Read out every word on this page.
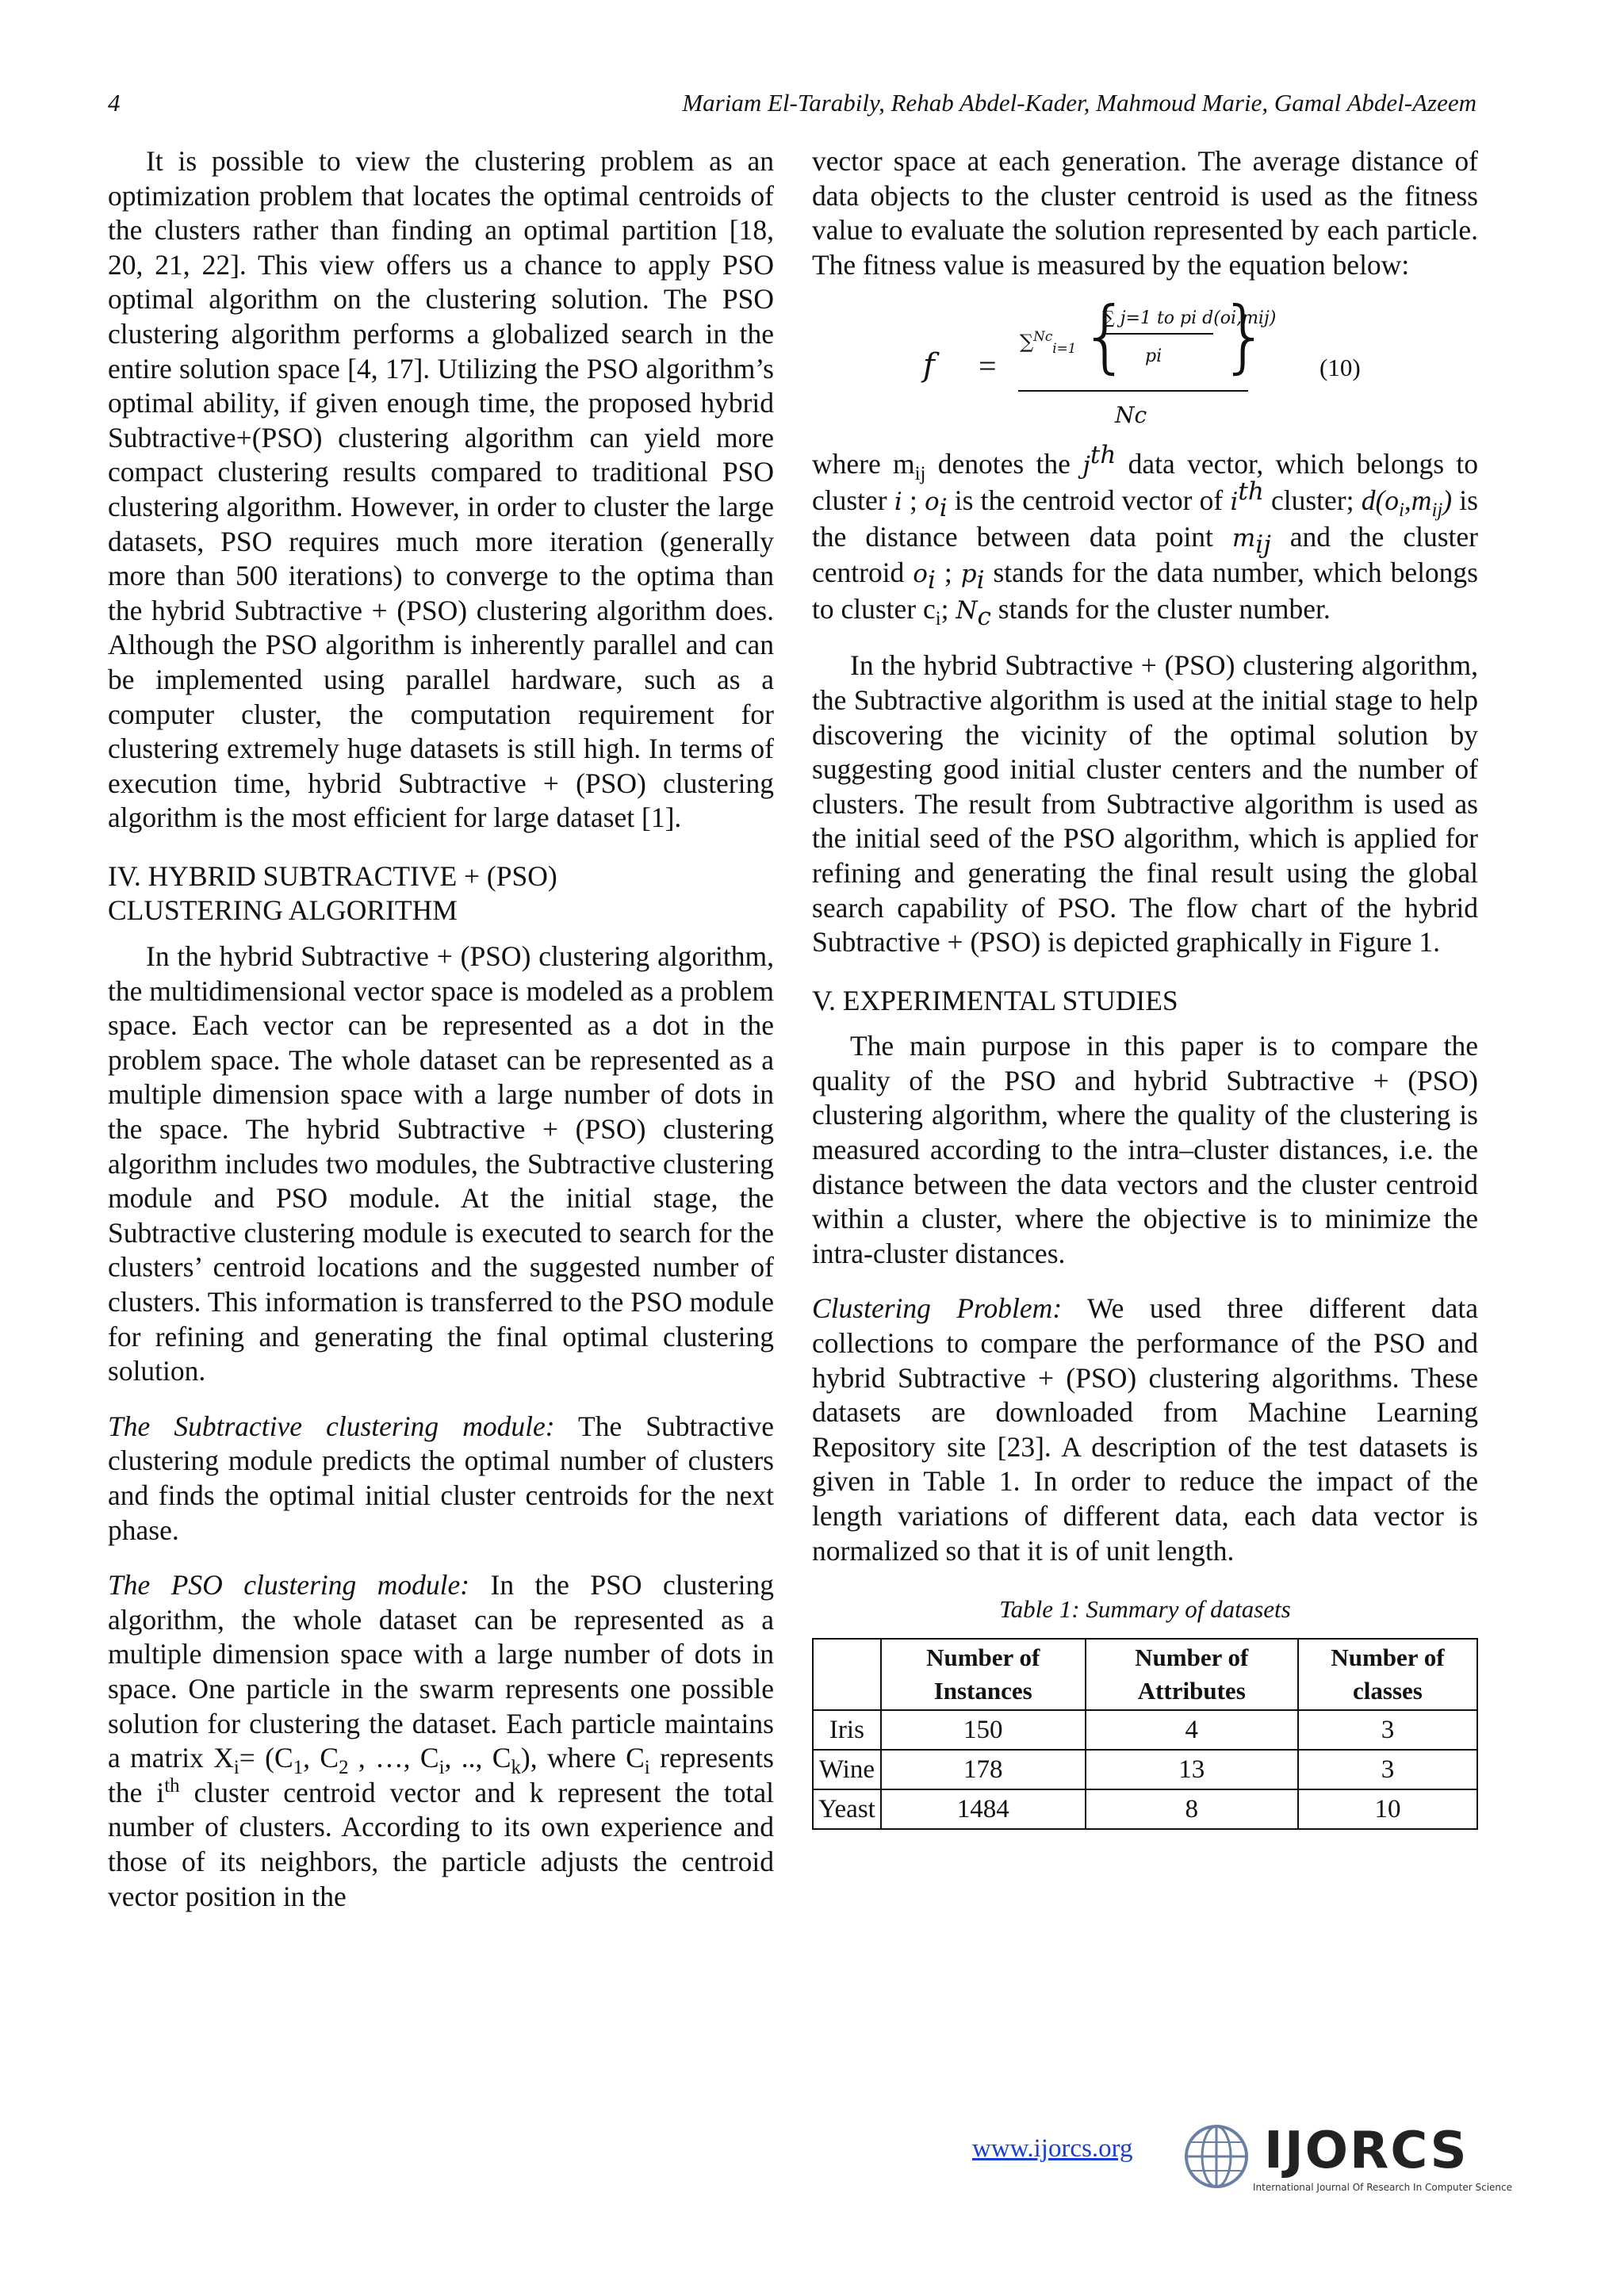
4	Mariam El-Tarabily, Rehab Abdel-Kader, Mahmoud Marie, Gamal Abdel-Azeem

It is possible to view the clustering problem as an optimization problem that locates the optimal centroids of the clusters rather than finding an optimal partition [18, 20, 21, 22]. This view offers us a chance to apply PSO optimal algorithm on the clustering solution. The PSO clustering algorithm performs a globalized search in the entire solution space [4, 17]. Utilizing the PSO algorithm’s optimal ability, if given enough time, the proposed hybrid Subtractive+(PSO) clustering algorithm can yield more compact clustering results compared to traditional PSO clustering algorithm. However, in order to cluster the large datasets, PSO requires much more iteration (generally more than 500 iterations) to converge to the optima than the hybrid Subtractive + (PSO) clustering algorithm does. Although the PSO algorithm is inherently parallel and can be implemented using parallel hardware, such as a computer cluster, the computation requirement for clustering extremely huge datasets is still high. In terms of execution time, hybrid Subtractive + (PSO) clustering algorithm is the most efficient for large dataset [1].

IV. HYBRID SUBTRACTIVE + (PSO)

CLUSTERING ALGORITHM

In the hybrid Subtractive + (PSO) clustering algorithm, the multidimensional vector space is modeled as a problem space. Each vector can be represented as a dot in the problem space. The whole dataset can be represented as a multiple dimension space with a large number of dots in the space. The hybrid Subtractive + (PSO) clustering algorithm includes two modules, the Subtractive clustering module and PSO module. At the initial stage, the Subtractive clustering module is executed to search for the clusters’ centroid locations and the suggested number of clusters. This information is transferred to the PSO module for refining and generating the final optimal clustering solution.

The Subtractive clustering module: The Subtractive clustering module predicts the optimal number of clusters and finds the optimal initial cluster centroids for the next phase.

The PSO clustering module: In the PSO clustering algorithm, the whole dataset can be represented as a multiple dimension space with a large number of dots in space. One particle in the swarm represents one possible solution for clustering the dataset. Each particle maintains a matrix $X_i= (C_1$, $C_2$ , …, $C_i$, .., $C_k$), where $C_i$ represents the $i^{th}$ cluster centroid vector and k represent the total number of clusters. According to its own experience and those of its neighbors, the particle adjusts the centroid vector position in the

vector space at each generation. The average distance of data objects to the cluster centroid is used as the fitness value to evaluate the solution represented by each particle. The fitness value is measured by the equation below:

f =
∑$^{Nc}_{i=1}$ {
∑ j=1 to pi d(oi,mij)
pi }
Nc
(10)

where $m_{ij}$ denotes the $j^{th}$ data vector, which belongs to cluster i ; $o_i$ is the centroid vector of $i^{th}$ cluster; $d(o_i,m_{ij})$ is the distance between data point $m_{ij}$ and the cluster centroid $o_i$ ; $p_i$ stands for the data number, which belongs to cluster $c_i$; $N_c$ stands for the cluster number.

In the hybrid Subtractive + (PSO) clustering algorithm, the Subtractive algorithm is used at the initial stage to help discovering the vicinity of the optimal solution by suggesting good initial cluster centers and the number of clusters. The result from Subtractive algorithm is used as the initial seed of the PSO algorithm, which is applied for refining and generating the final result using the global search capability of PSO. The flow chart of the hybrid Subtractive + (PSO) is depicted graphically in Figure 1.

V. EXPERIMENTAL STUDIES

The main purpose in this paper is to compare the quality of the PSO and hybrid Subtractive + (PSO) clustering algorithm, where the quality of the clustering is measured according to the intra–cluster distances, i.e. the distance between the data vectors and the cluster centroid within a cluster, where the objective is to minimize the intra-cluster distances.

Clustering Problem: We used three different data collections to compare the performance of the PSO and hybrid Subtractive + (PSO) clustering algorithms. These datasets are downloaded from Machine Learning Repository site [23]. A description of the test datasets is given in Table 1. In order to reduce the impact of the length variations of different data, each data vector is normalized so that it is of unit length.

Table 1: Summary of datasets
	Number of Instances	Number of Attributes	Number of classes
Iris	150	4	3
Wine	178	13	3
Yeast	1484	8	10
www.ijorcs.org	IJORCS
International Journal Of Research In Computer Science
